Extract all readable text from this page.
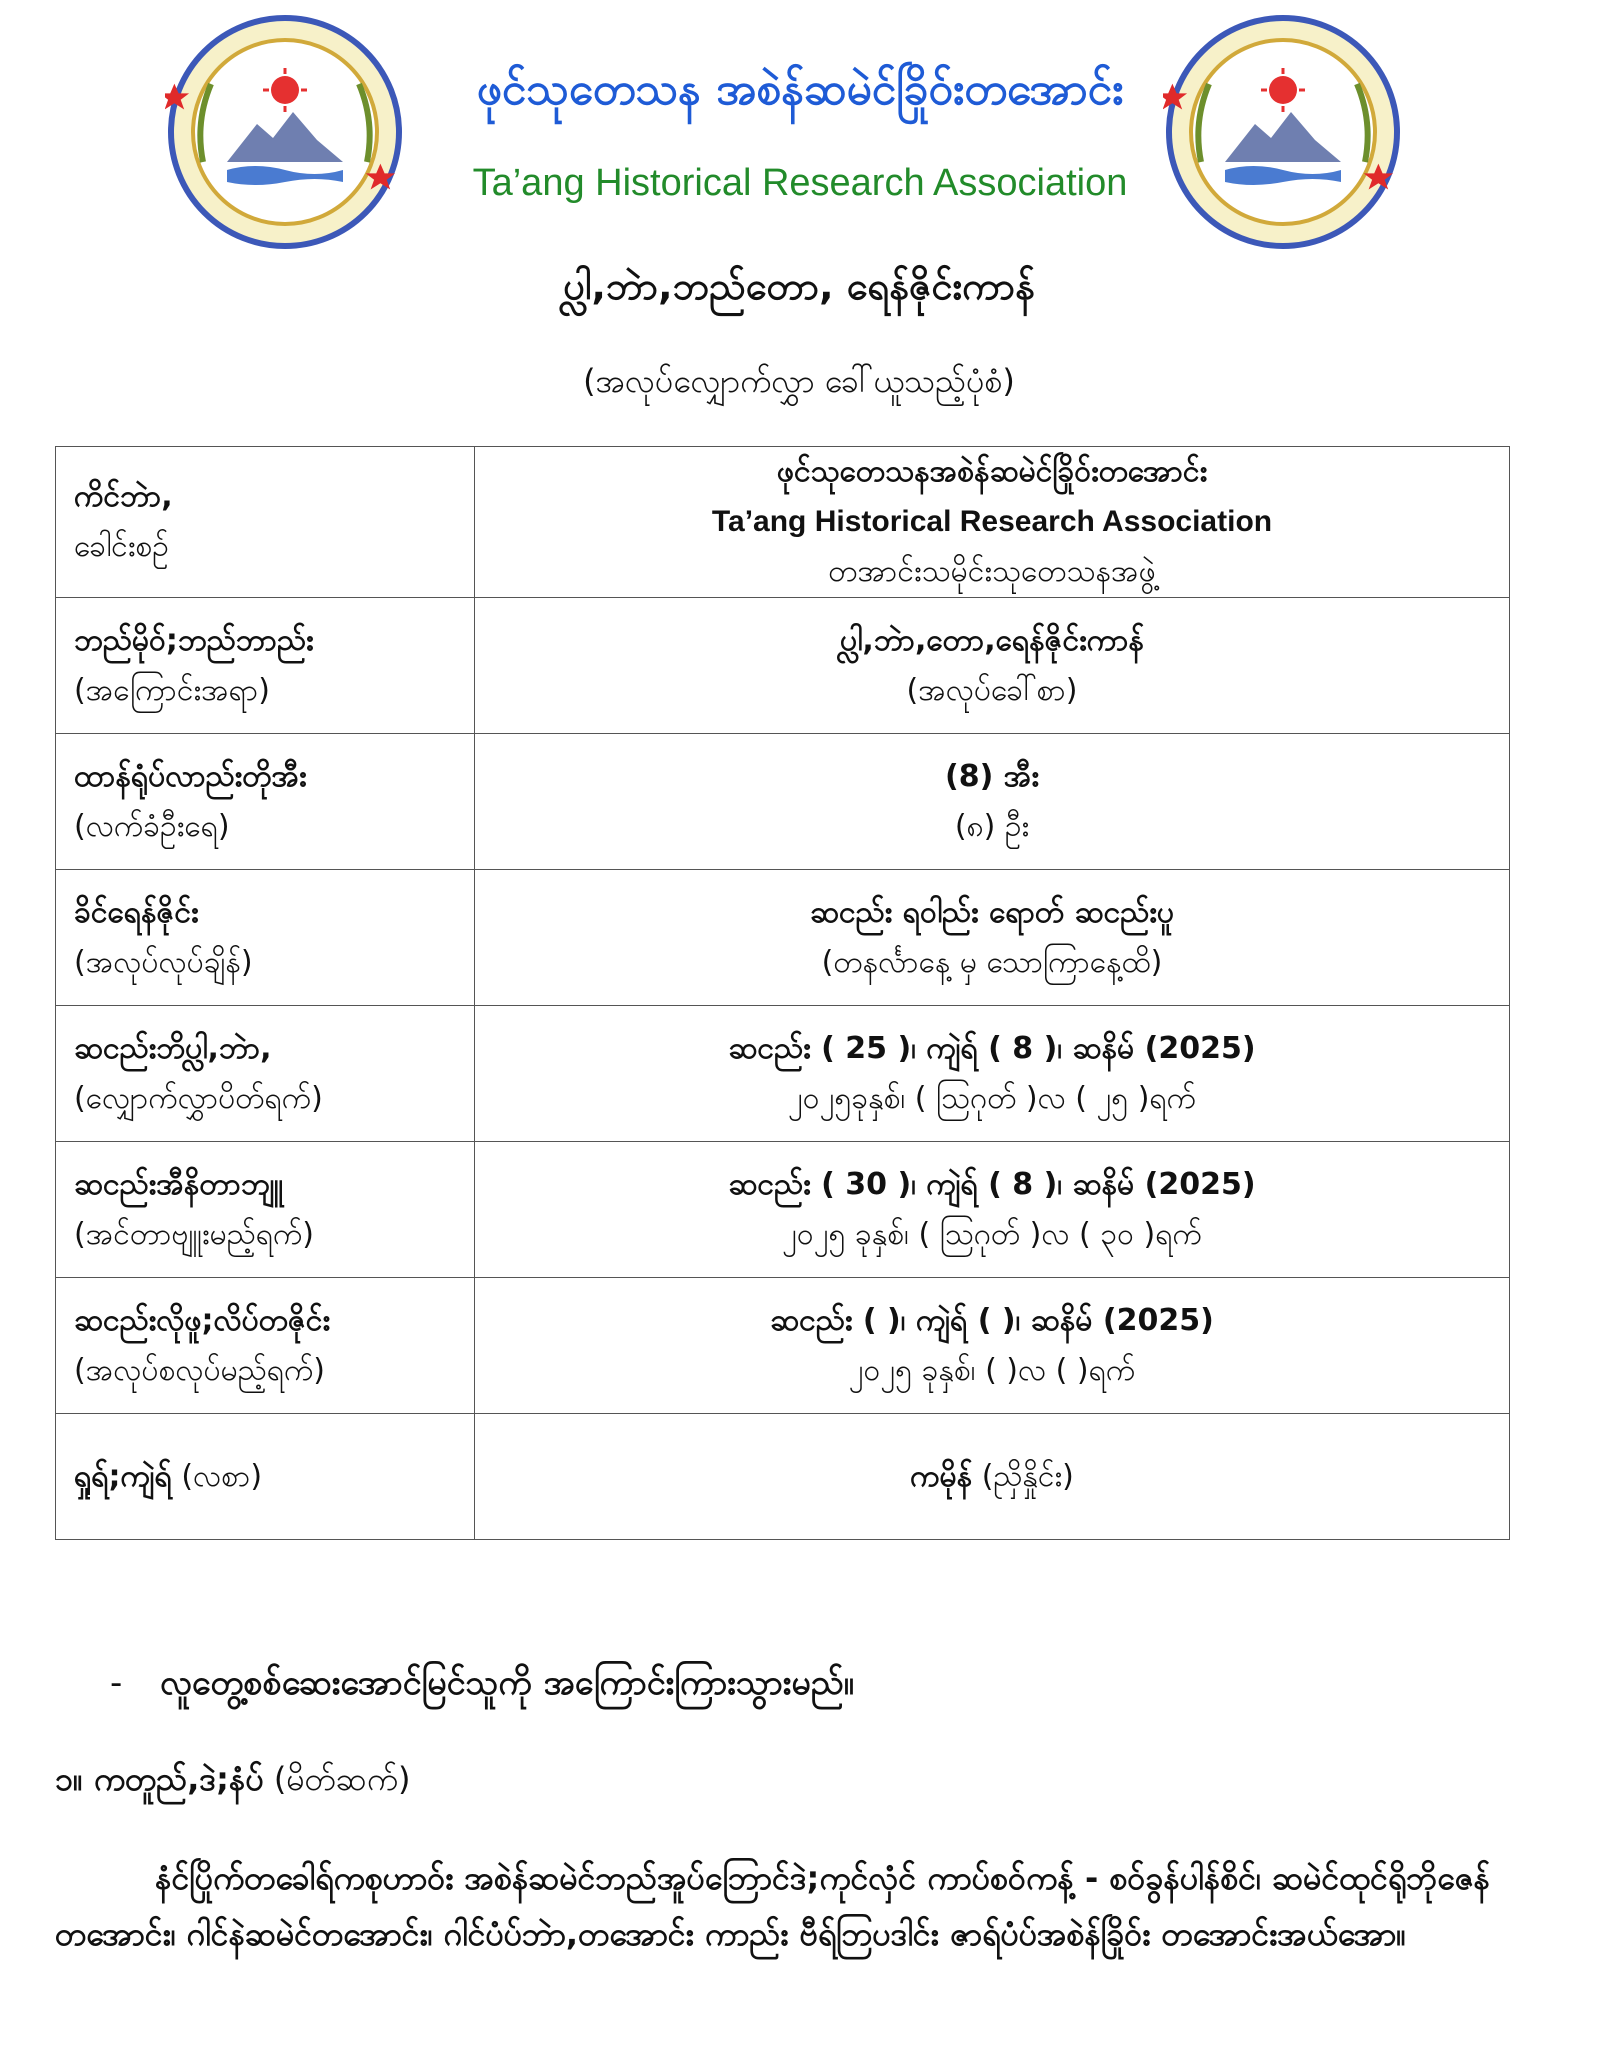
ဖုင်သုတေသန အစဲန်ဆမဲင်ခြိုဝ်းတအောင်း
Ta’ang Historical Research Association
ပ္လါ,ဘဲာ,ဘည်တော, ရေန်ဇိုင်းကာန်
(အလုပ်လျှောက်လွှာ ခေါ်ယူသည့်ပုံစံ)
ကိင်ဘဲာ,
ခေါင်းစဉ်	ဖုင်သုတေသနအစဲန်ဆမဲင်ခြိုဝ်းတအောင်း
Ta’ang Historical Research Association
တအာင်းသမိုင်းသုတေသနအဖွဲ့

ဘည်မိုဝ်;ဘည်ဘာည်း
(အကြောင်းအရာ)	ပ္လါ,ဘဲာ,တော,ရေန်ဇိုင်းကာန်
(အလုပ်ခေါ်စာ)

ထာန်ရုံပ်လာည်းတိုအီး
(လက်ခံဦးရေ)	(8) အီး
(၈) ဦး

ခိင်ရေန်ဇိုင်း
(အလုပ်လုပ်ချိန်)	ဆငည်း ရဝါည်း ရောတ် ဆငည်းပူ
(တနင်္လာနေ့ မှ သောကြာနေ့ထိ)

ဆငည်းဘိပ္လါ,ဘဲာ,
(လျှောက်လွှာပိတ်ရက်)	ဆငည်း ( 25 )၊ ကျဲရ် ( 8 )၊ ဆနိမ် (2025)
၂၀၂၅ခုနှစ်၊ ( ဩဂုတ် )လ ( ၂၅ )ရက်

ဆငည်းအီနိတာဘျူ
(အင်တာဗျူးမည့်ရက်)	ဆငည်း ( 30 )၊ ကျဲရ် ( 8 )၊ ဆနိမ် (2025)
၂၀၂၅ ခုနှစ်၊ ( ဩဂုတ် )လ ( ၃၀ )ရက်

ဆငည်းလိုဖူ;လိပ်တဇိုင်း
(အလုပ်စလုပ်မည့်ရက်)	ဆငည်း ( )၊ ကျဲရ် ( )၊ ဆနိမ် (2025)
၂၀၂၅ ခုနှစ်၊ ( )လ ( )ရက်

ရှုရ်;ကျဲရ် (လစာ)	ကမိုန် (ညှိနှိုင်း)
- လူတွေ့စစ်ဆေးအောင်မြင်သူကို အကြောင်းကြားသွားမည်။
၁။ ကတူည်,ဒဲ;နံပ် (မိတ်ဆက်)
နံင်ပြိုက်တခေါရ်ကစုဟာဝ်း အစဲန်ဆမဲင်ဘည်အူပ်ဘြောင်ဒဲ;ကုင်လှံင် ကာပ်စဝ်ကန့် - စဝ်ခွန်ပါန်စိင်၊ ဆမဲင်ထုင်ရိုဘိုဇေန်တအောင်း၊ ဂါင်နဲဆမဲင်တအောင်း၊ ဂါင်ပံပ်ဘဲာ,တအောင်း ကာည်း ဗီရ်ဘြပဒါင်း ဇာရ်ပံပ်အစဲန်ခြိုဝ်း တအောင်းအယ်အော။
